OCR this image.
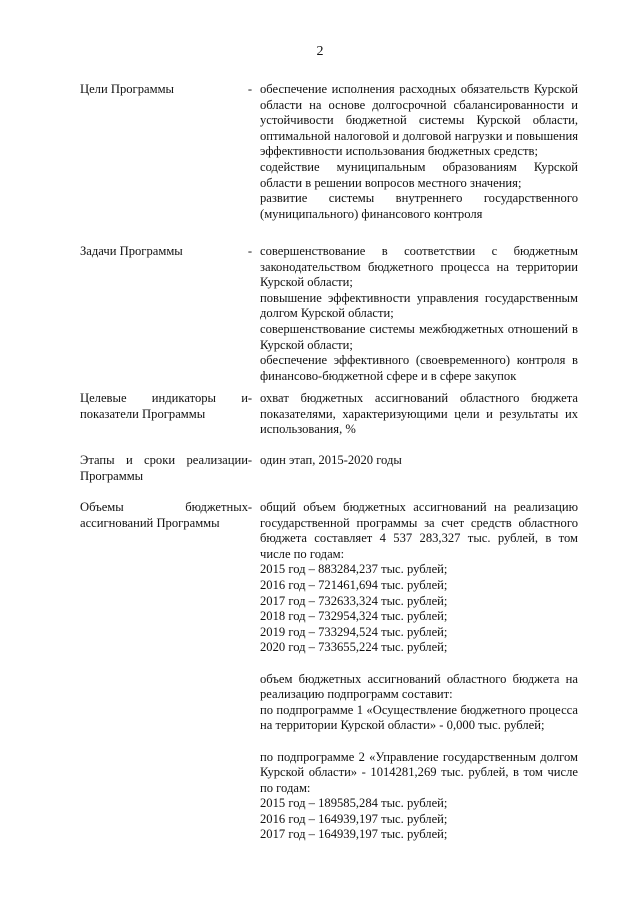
2
Цели Программы	- обеспечение исполнения расходных обязательств Курской области на основе долгосрочной сбалансированности и устойчивости бюджетной системы Курской области, оптимальной налоговой и долговой нагрузки и повышения эффективности использования бюджетных средств;

содействие муниципальным образованиям Курской области в решении вопросов местного значения;

развитие системы внутреннего государственного (муниципального) финансового контроля

Задачи Программы	- совершенствование в соответствии с бюджетным законодательством бюджетного процесса на территории Курской области;

повышение эффективности управления государственным долгом Курской области;

совершенствование системы межбюджетных отношений в Курской области;

обеспечение эффективного (своевременного) контроля в финансово-бюджетной сфере и в сфере закупок

Целевые индикаторы и показатели Программы
- охват бюджетных ассигнований областного бюджета показателями, характеризующими цели и результаты их использования, %

Этапы и сроки реализации Программы
- один этап, 2015-2020 годы

Объемы бюджетных ассигнований Программы
- общий объем бюджетных ассигнований на реализацию государственной программы за счет средств областного бюджета составляет 4 537 283,327 тыс. рублей, в том числе по годам:

2015 год – 883284,237 тыс. рублей;

2016 год – 721461,694 тыс. рублей;

2017 год – 732633,324 тыс. рублей;

2018 год – 732954,324 тыс. рублей;

2019 год – 733294,524 тыс. рублей;

2020 год – 733655,224 тыс. рублей;

объем бюджетных ассигнований областного бюджета на реализацию подпрограмм составит:

по подпрограмме 1 «Осуществление бюджетного процесса на территории Курской области» - 0,000 тыс. рублей;

по подпрограмме 2 «Управление государственным долгом Курской области» - 1014281,269 тыс. рублей, в том числе по годам:

2015 год – 189585,284 тыс. рублей;

2016 год – 164939,197 тыс. рублей;

2017 год – 164939,197 тыс. рублей;
